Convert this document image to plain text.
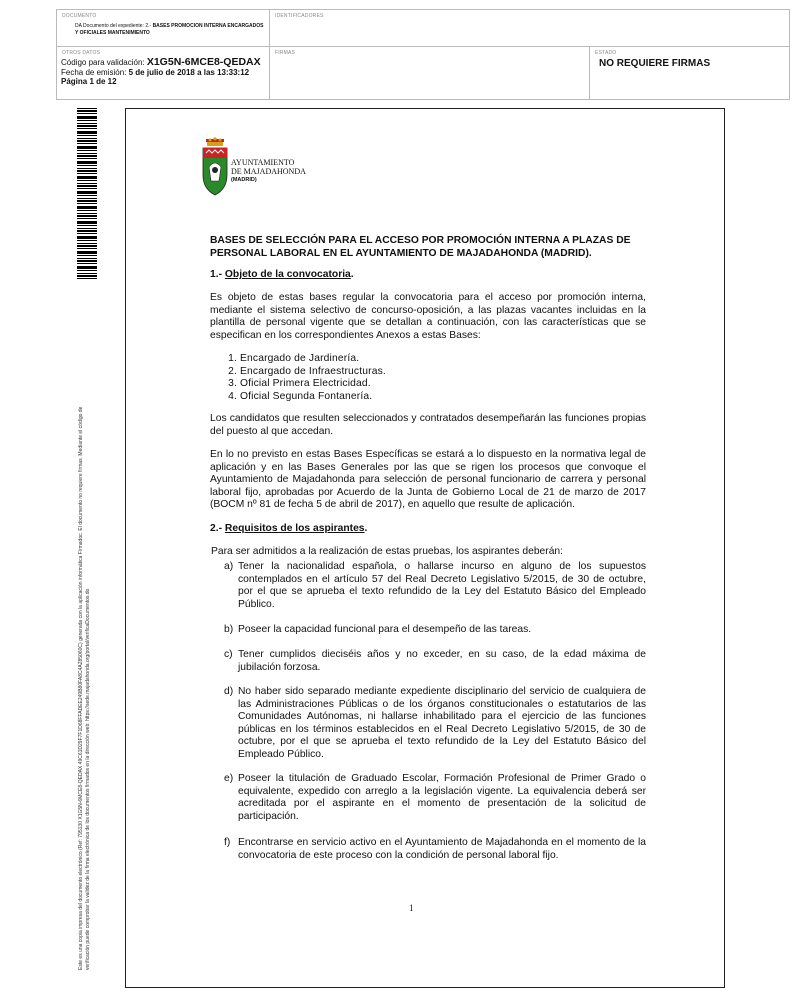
DOCUMENTO
DA Documento del expediente: 2.- BASES PROMOCION INTERNA ENCARGADOS Y OFICIALES MANTENIMIENTO
IDENTIFICADORES
OTROS DATOS
Código para validación: X1G5N-6MCE8-QEDAX
Fecha de emisión: 5 de julio de 2018 a las 13:33:12
Página 1 de 12
FIRMAS	ESTADO
NO REQUIERE FIRMAS
Este es una copia impresa del documento electrónico (Ref: 795130 X1G5N-6MCE8-QEDAX 49C61D29F7F1D68FFADEE249B80FA8C4A285060C) generada con la aplicación informática Firmadoc. El documento no requiere firmas. Mediante el código de verificación puede comprobar la validez de la firma electrónica de los documentos firmados en la dirección web: https://sede.majadahonda.org/portal/verificaDocumentos.do
AYUNTAMIENTO
DE MAJADAHONDA
(MADRID)
BASES DE SELECCIÓN PARA EL ACCESO POR PROMOCIÓN INTERNA A PLAZAS DE PERSONAL LABORAL EN EL AYUNTAMIENTO DE MAJADAHONDA (MADRID).
1.- Objeto de la convocatoria.

Es objeto de estas bases regular la convocatoria para el acceso por promoción interna, mediante el sistema selectivo de concurso-oposición, a las plazas vacantes incluidas en la plantilla de personal vigente que se detallan a continuación, con las características que se especifican en los correspondientes Anexos a estas Bases:

1. Encargado de Jardinería.
2. Encargado de Infraestructuras.
3. Oficial Primera Electricidad.
4. Oficial Segunda Fontanería.

Los candidatos que resulten seleccionados y contratados desempeñarán las funciones propias del puesto al que accedan.

En lo no previsto en estas Bases Específicas se estará a lo dispuesto en la normativa legal de aplicación y en las Bases Generales por las que se rigen los procesos que convoque el Ayuntamiento de Majadahonda para selección de personal funcionario de carrera y personal laboral fijo, aprobadas por Acuerdo de la Junta de Gobierno Local de 21 de marzo de 2017 (BOCM nº 81 de fecha 5 de abril de 2017), en aquello que resulte de aplicación.

2.- Requisitos de los aspirantes.

Para ser admitidos a la realización de estas pruebas, los aspirantes deberán:

a) Tener la nacionalidad española, o hallarse incurso en alguno de los supuestos contemplados en el artículo 57 del Real Decreto Legislativo 5/2015, de 30 de octubre, por el que se aprueba el texto refundido de la Ley del Estatuto Básico del Empleado Público.
b) Poseer la capacidad funcional para el desempeño de las tareas.
c) Tener cumplidos dieciséis años y no exceder, en su caso, de la edad máxima de jubilación forzosa.
d) No haber sido separado mediante expediente disciplinario del servicio de cualquiera de las Administraciones Públicas o de los órganos constitucionales o estatutarios de las Comunidades Autónomas, ni hallarse inhabilitado para el ejercicio de las funciones públicas en los términos establecidos en el Real Decreto Legislativo 5/2015, de 30 de octubre, por el que se aprueba el texto refundido de la Ley del Estatuto Básico del Empleado Público.
e) Poseer la titulación de Graduado Escolar, Formación Profesional de Primer Grado o equivalente, expedido con arreglo a la legislación vigente. La equivalencia deberá ser acreditada por el aspirante en el momento de presentación de la solicitud de participación.
f) Encontrarse en servicio activo en el Ayuntamiento de Majadahonda en el momento de la convocatoria de este proceso con la condición de personal laboral fijo.
1
